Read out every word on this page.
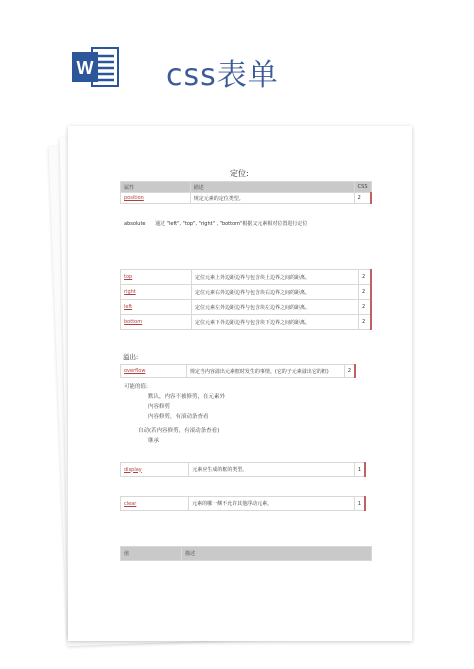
W css表单
定位:
属性	描述	CSS
position	规定元素的定位类型。	2
absolute 通过 "left", "top", "right" , "bottom"根据父元素相对位置进行定位
top	定位元素上外边距边界与包含块上边界之间的距离。	2
right	定位元素右外边距边界与包含块右边界之间的距离。	2
left	定位元素左外边距边界与包含块左边界之间的距离。	2
bottom	定位元素下外边距边界与包含块下边界之间的距离。	2
溢出:
overflow	规定当内容溢出元素框时发生的事情。(它的子元素溢出它的框)	2
可能的值:
默认，内容不被修剪，在元素外
内容修剪
内容修剪，有滚动条查看
自动(若内容修剪，有滚动条查看)
继承
display	元素应生成的框的类型。	1
clear	元素的哪一侧不允许其他浮动元素。	1
值	描述
